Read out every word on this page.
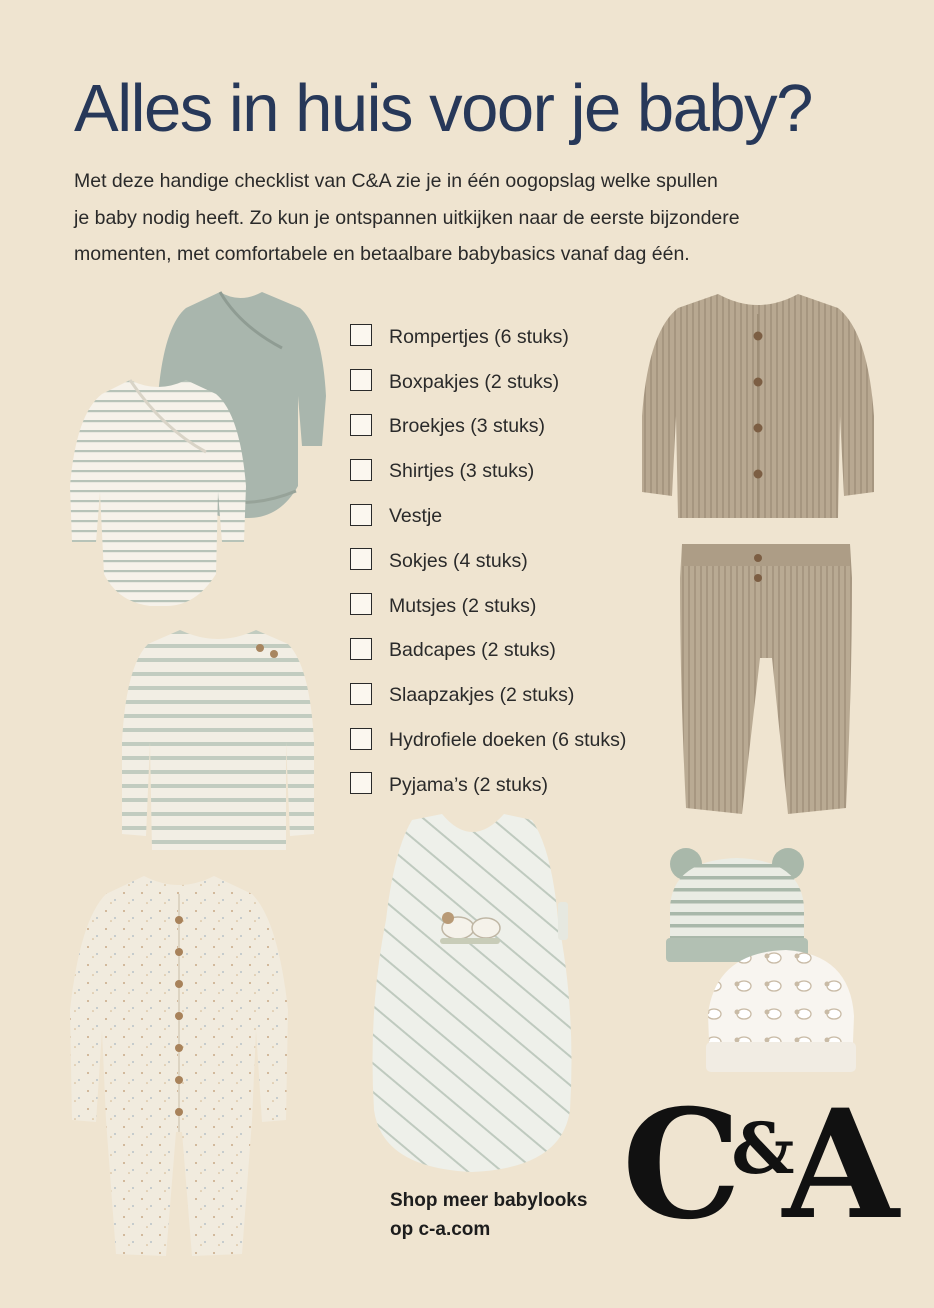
Alles in huis voor je baby?
Met deze handige checklist van C&A zie je in één oogopslag welke spullen
je baby nodig heeft. Zo kun je ontspannen uitkijken naar de eerste bijzondere
momenten, met comfortabele en betaalbare babybasics vanaf dag één.
Rompertjes (6 stuks)
Boxpakjes (2 stuks)
Broekjes (3 stuks)
Shirtjes (3 stuks)
Vestje
Sokjes (4 stuks)
Mutsjes (2 stuks)
Badcapes (2 stuks)
Slaapzakjes (2 stuks)
Hydrofiele doeken (6 stuks)
Pyjama’s (2 stuks)
Shop meer babylooks
op c-a.com C&A
